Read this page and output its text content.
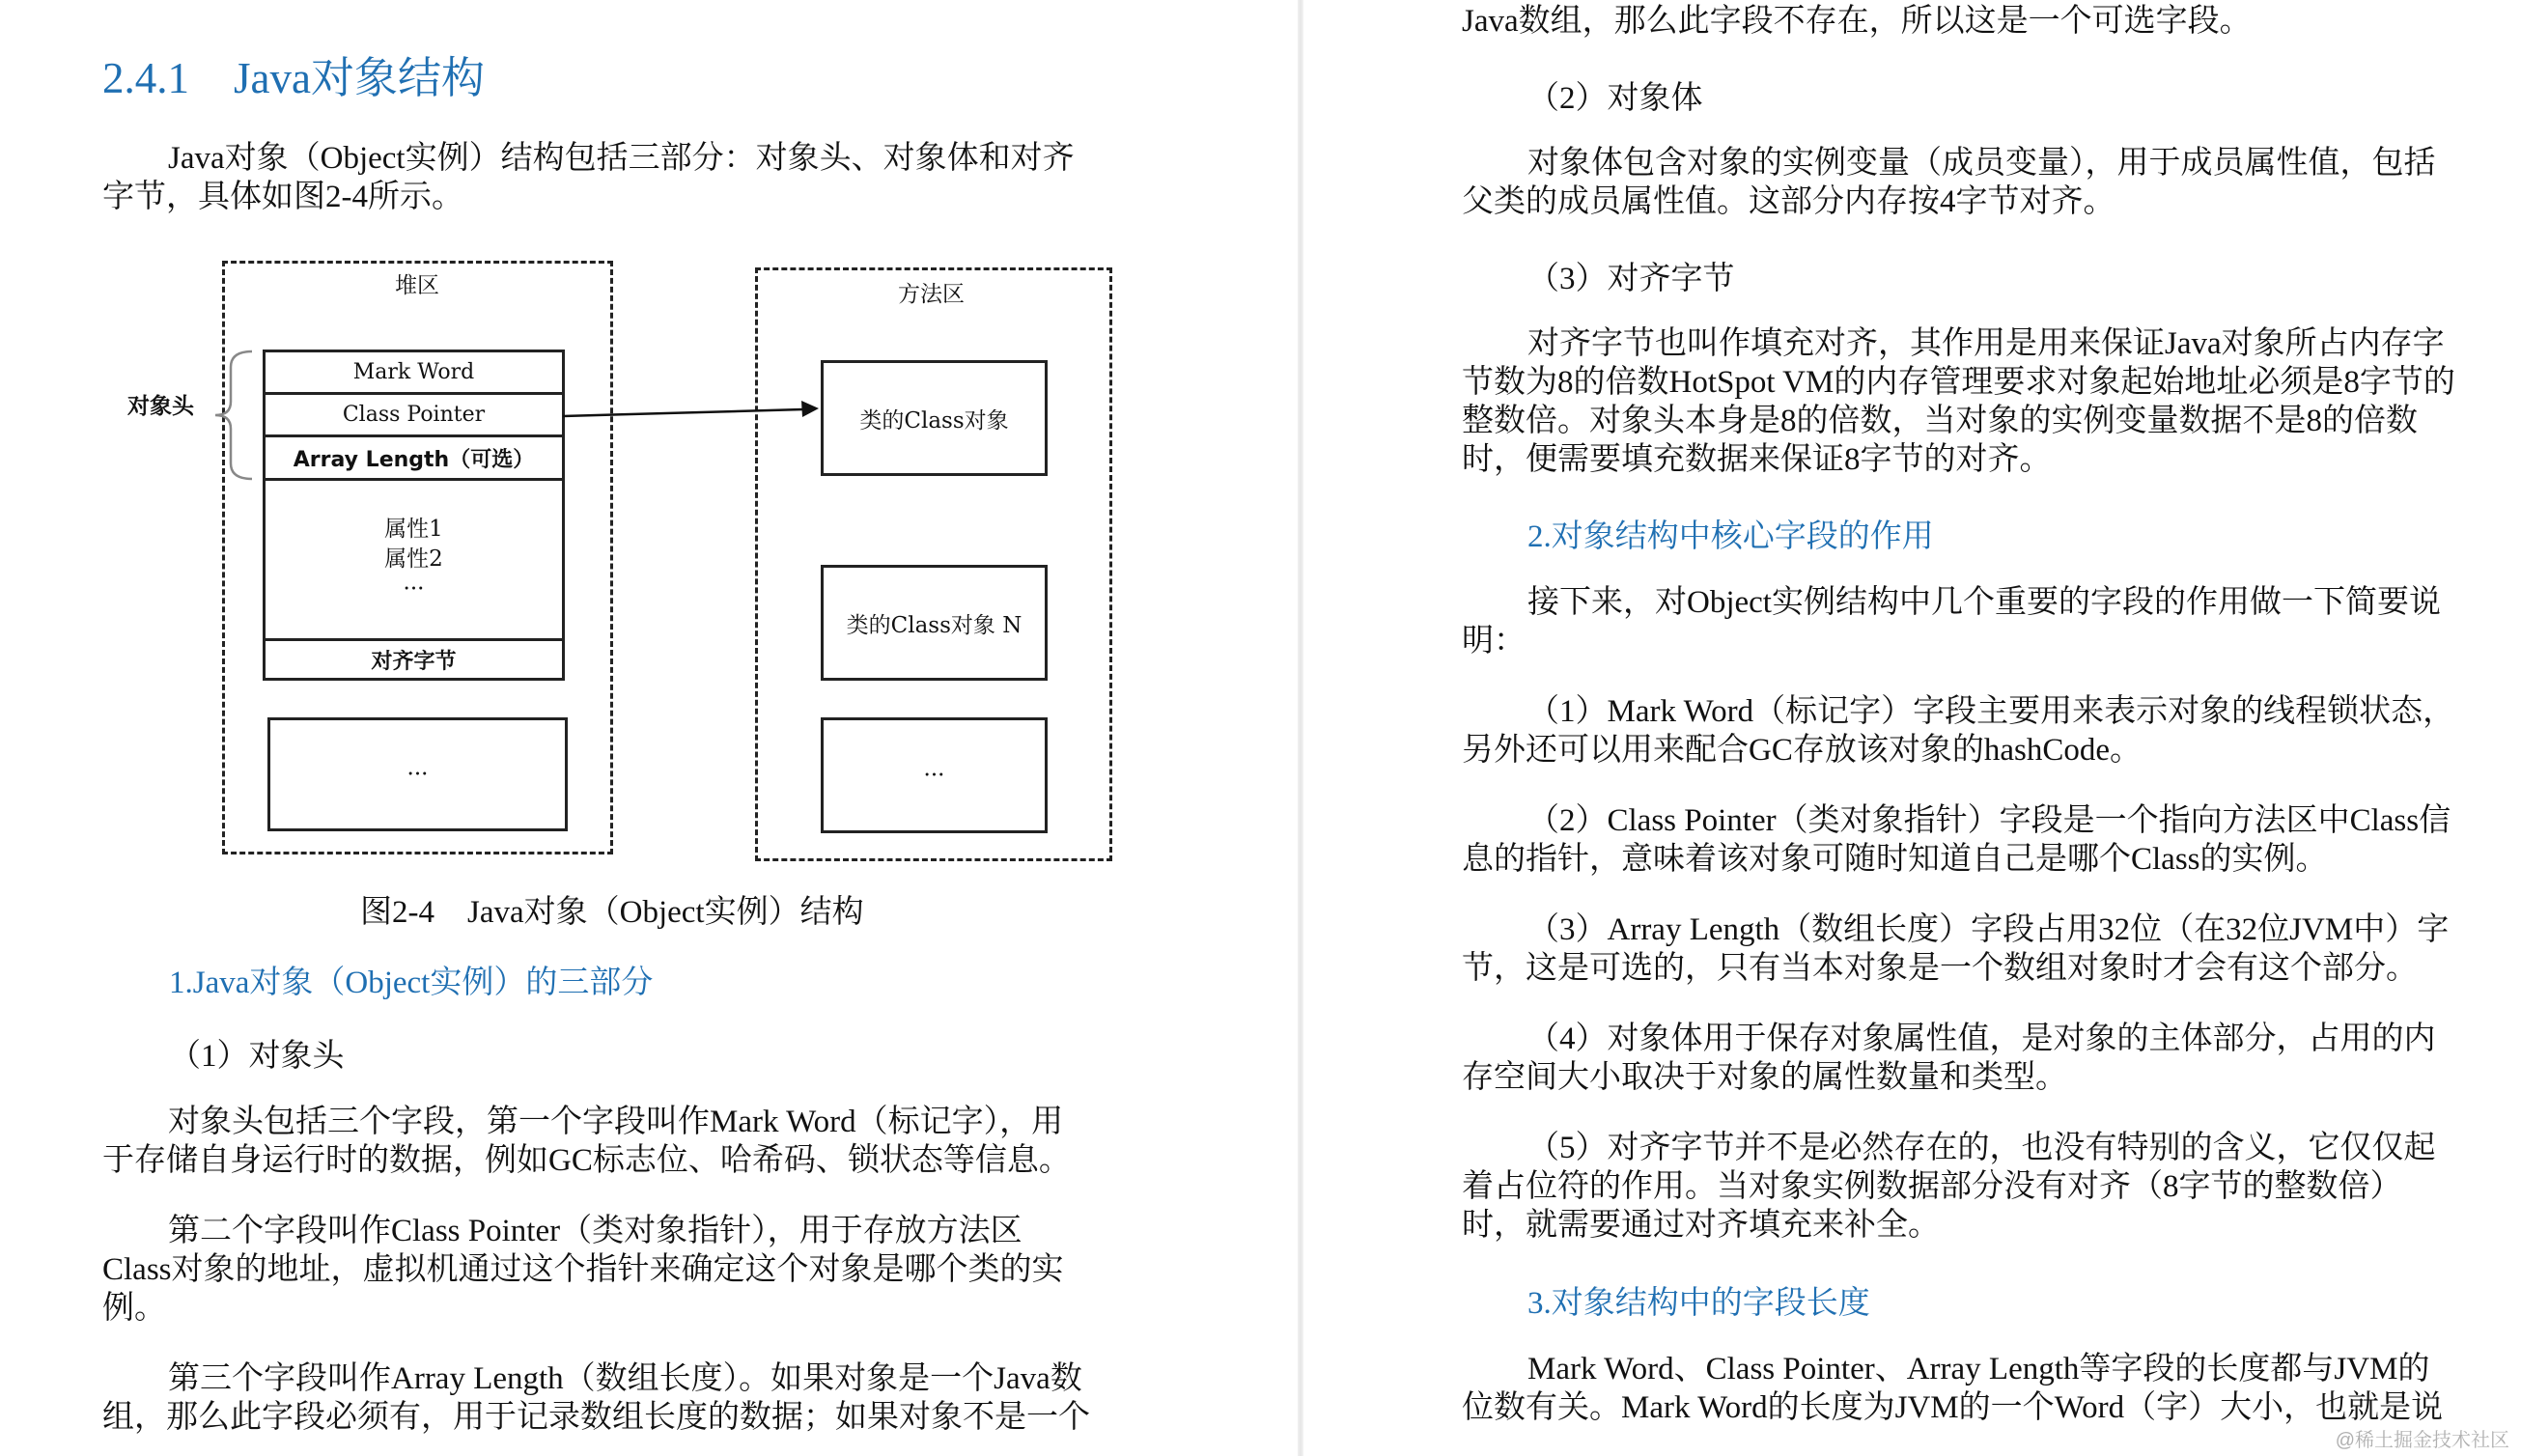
2.4.1 Java对象结构
Java对象（Object实例）结构包括三部分：对象头、对象体和对齐
字节，具体如图2-4所示。
堆区	方法区
对象头
Mark Word
Class Pointer
Array Length（可选）
属性1
属性2
···
对齐字节
···
类的Class对象
类的Class对象 N
···
图2-4 Java对象（Object实例）结构
1.Java对象（Object实例）的三部分
（1）对象头
对象头包括三个字段，第一个字段叫作Mark Word（标记字），用
于存储自身运行时的数据，例如GC标志位、哈希码、锁状态等信息。
第二个字段叫作Class Pointer（类对象指针），用于存放方法区
Class对象的地址，虚拟机通过这个指针来确定这个对象是哪个类的实
例。
第三个字段叫作Array Length（数组长度）。如果对象是一个Java数
组，那么此字段必须有，用于记录数组长度的数据；如果对象不是一个
Java数组，那么此字段不存在，所以这是一个可选字段。
（2）对象体
对象体包含对象的实例变量（成员变量），用于成员属性值，包括
父类的成员属性值。这部分内存按4字节对齐。
（3）对齐字节
对齐字节也叫作填充对齐，其作用是用来保证Java对象所占内存字
节数为8的倍数HotSpot VM的内存管理要求对象起始地址必须是8字节的
整数倍。对象头本身是8的倍数，当对象的实例变量数据不是8的倍数
时，便需要填充数据来保证8字节的对齐。
2.对象结构中核心字段的作用
接下来，对Object实例结构中几个重要的字段的作用做一下简要说
明：
（1）Mark Word（标记字）字段主要用来表示对象的线程锁状态，
另外还可以用来配合GC存放该对象的hashCode。
（2）Class Pointer（类对象指针）字段是一个指向方法区中Class信
息的指针，意味着该对象可随时知道自己是哪个Class的实例。
（3）Array Length（数组长度）字段占用32位（在32位JVM中）字
节，这是可选的，只有当本对象是一个数组对象时才会有这个部分。
（4）对象体用于保存对象属性值，是对象的主体部分，占用的内
存空间大小取决于对象的属性数量和类型。
（5）对齐字节并不是必然存在的，也没有特别的含义，它仅仅起
着占位符的作用。当对象实例数据部分没有对齐（8字节的整数倍）
时，就需要通过对齐填充来补全。
3.对象结构中的字段长度
Mark Word、Class Pointer、Array Length等字段的长度都与JVM的
位数有关。Mark Word的长度为JVM的一个Word（字）大小，也就是说
@稀土掘金技术社区
